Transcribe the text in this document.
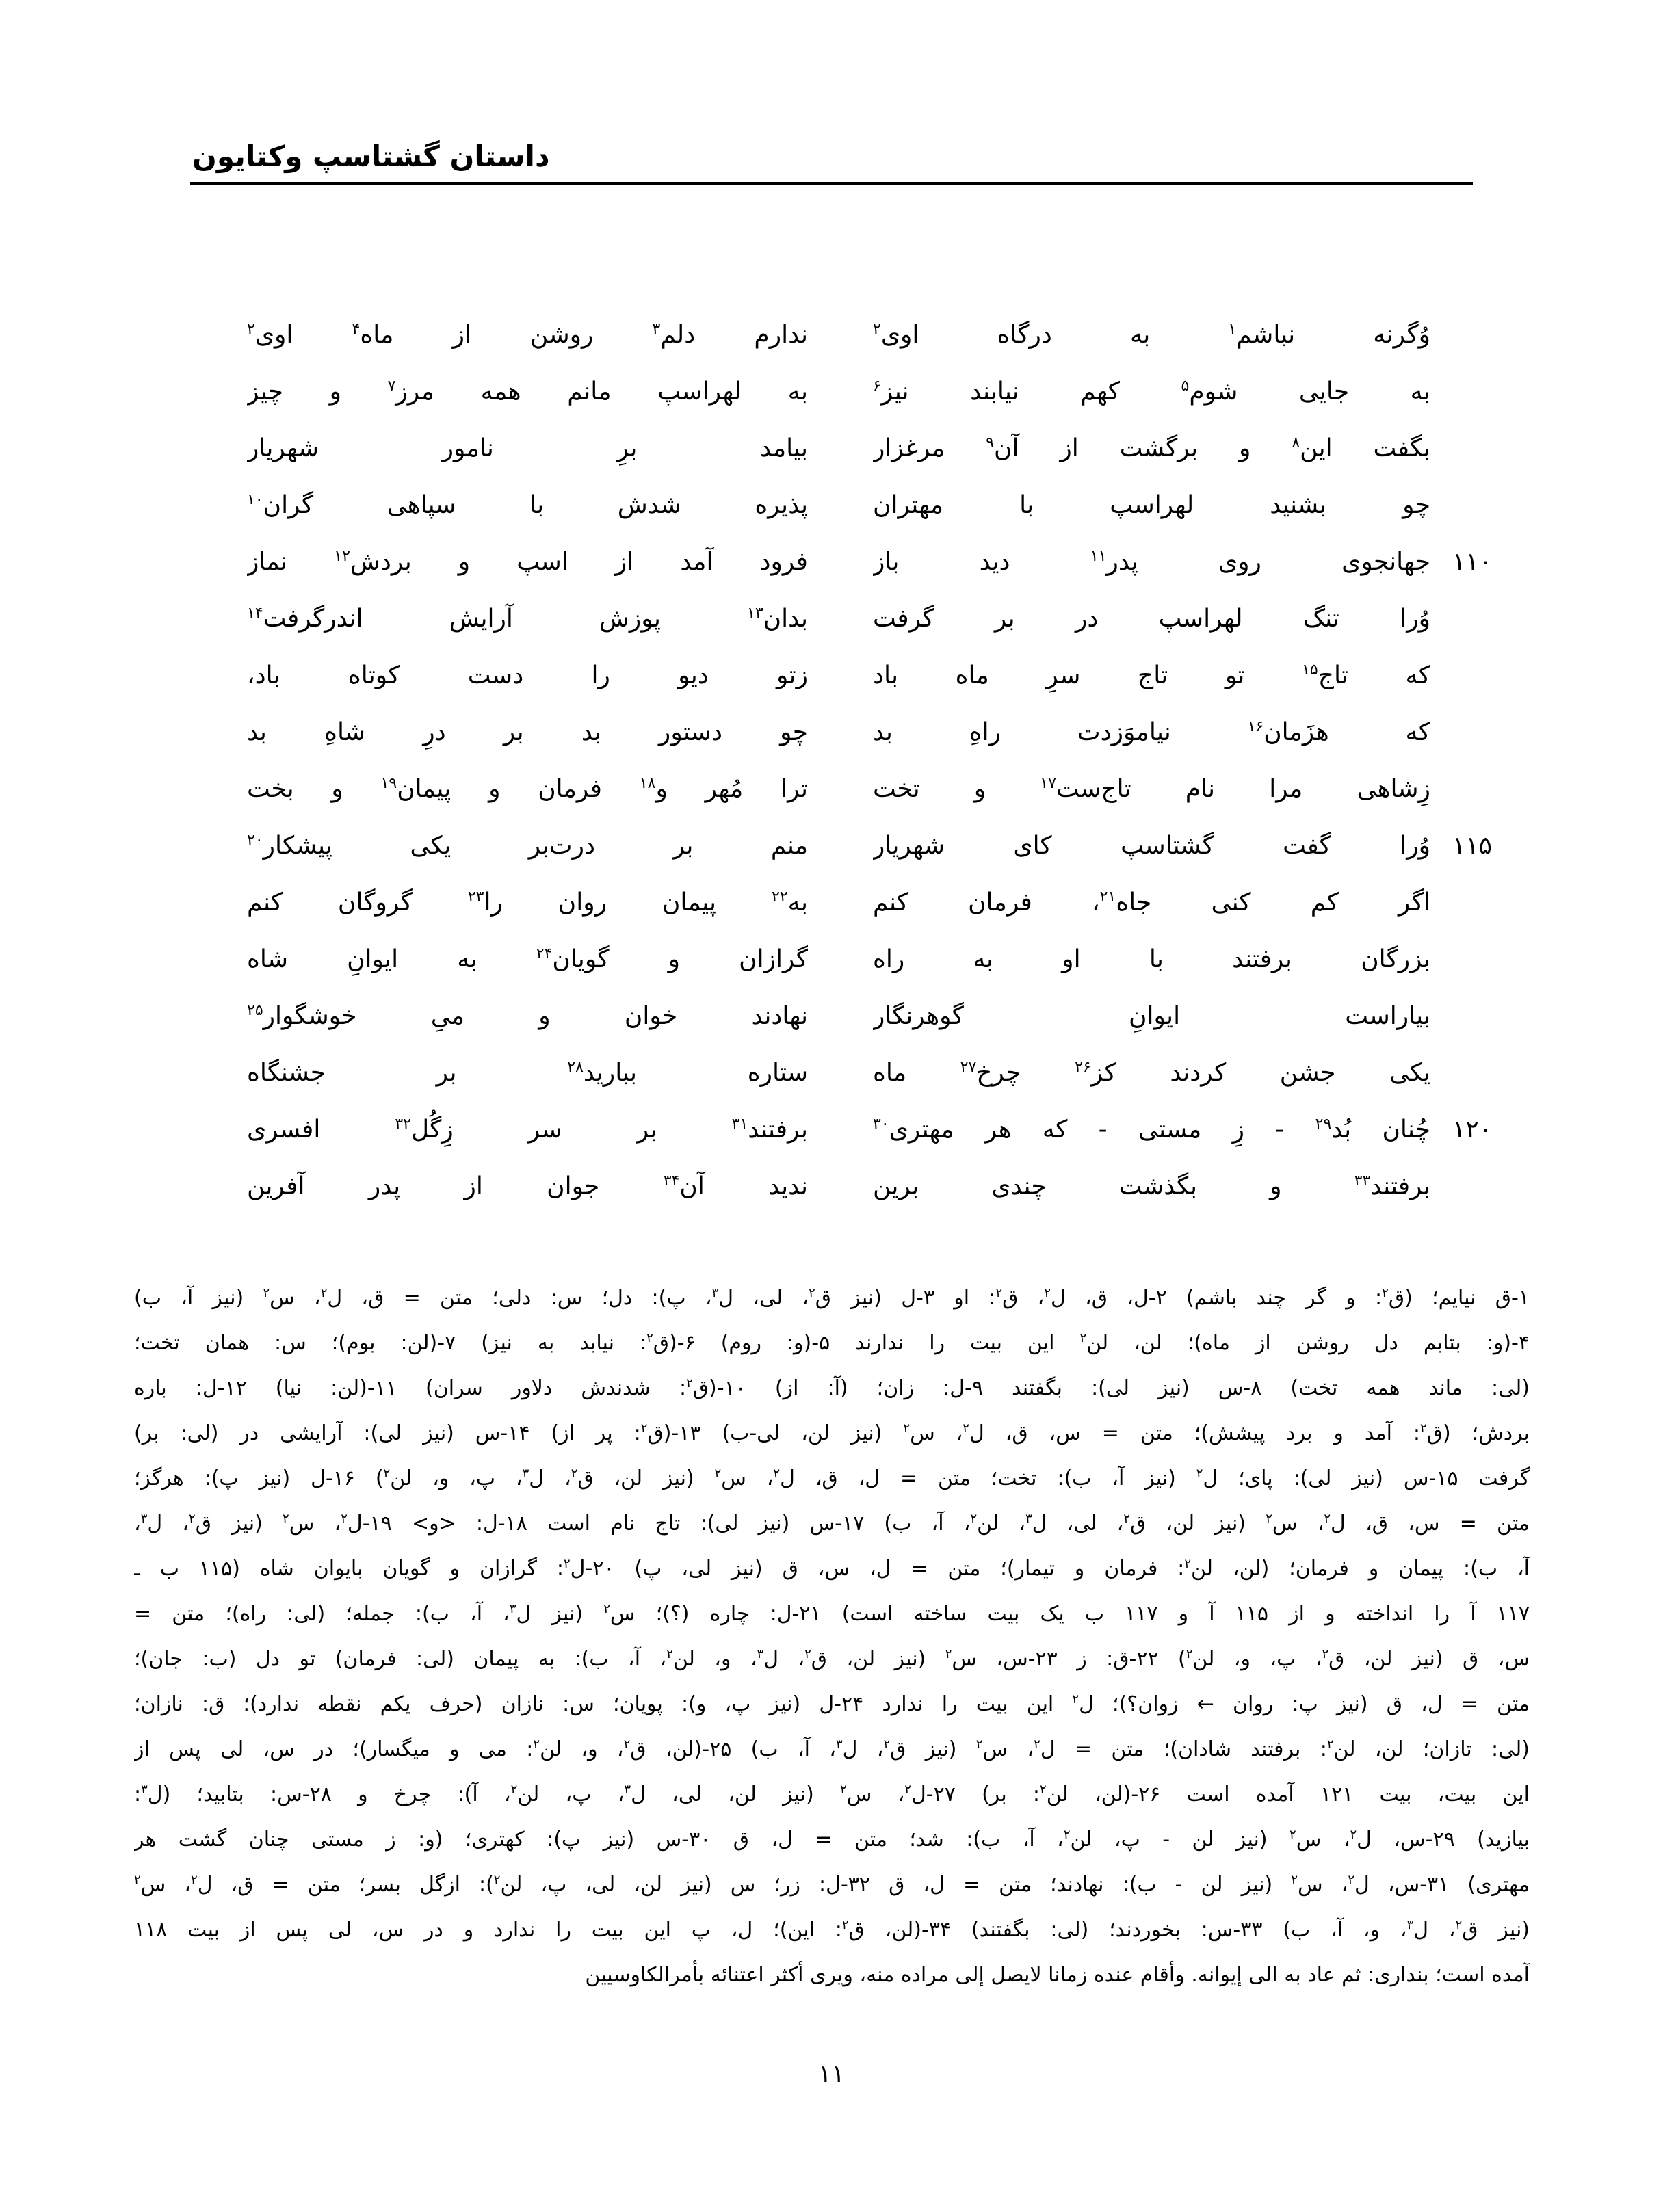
داستان گشتاسپ وکتایون
وُگرنه نباشم$^۱$ به درگاه اوی$^۲$
ندارم دلم$^۳$ روشن از ماه$^۴$ اوی$^۲$
به جایی شوم$^۵$ کهم نیابند نیز$^۶$
به لهراسپ مانم همه مرز$^۷$ و چیز
بگفت این$^۸$ و برگشت از آن$^۹$ مرغزار
بیامد برِ نامور شهریار
چو بشنید لهراسپ با مهتران
پذیره شدش با سپاهی گران$^{۱۰}$
۱۱۰
جهانجوی روی پدر$^{۱۱}$ دید باز
فرود آمد از اسپ و بردش$^{۱۲}$ نماز
وُرا تنگ لهراسپ در بر گرفت
بدان$^{۱۳}$ پوزش آرایش اندرگرفت$^{۱۴}$
که تاج$^{۱۵}$ تو تاج سرِ ماه باد
زتو دیو را دست کوتاه باد،
که هزَمان$^{۱۶}$ نیاموَزدت راهِ بد
چو دستور بد بر درِ شاهِ بد
زِشاهی مرا نام تاج‌ست$^{۱۷}$ و تخت
ترا مُهر و$^{۱۸}$ فرمان و پیمان$^{۱۹}$ و بخت
۱۱۵
وُرا گفت گشتاسپ کای شهریار
منم بر درت‌بر یکی پیشکار$^{۲۰}$
اگر کم کنی جاه$^{۲۱}$، فرمان کنم
به$^{۲۲}$ پیمان روان را$^{۲۳}$ گروگان کنم
بزرگان برفتند با او به راه
گرازان و گویان$^{۲۴}$ به ایوانِ شاه
بیاراست ایوانِ گوهرنگار
نهادند خوان و میِ خوشگوار$^{۲۵}$
یکی جشن کردند کز$^{۲۶}$ چرخ$^{۲۷}$ ماه
ستاره ببارید$^{۲۸}$ بر جشنگاه
۱۲۰
چُنان بُد$^{۲۹}$ - زِ مستی - که هر مهتری$^{۳۰}$
برفتند$^{۳۱}$ بر سر زِگُل$^{۳۲}$ افسری
برفتند$^{۳۳}$ و بگذشت چندی برین
ندید آن$^{۳۴}$ جوان از پدر آفرین
۱-ق نیایم؛ (ق$^۲$: و گر چند باشم) ۲-ل، ق، ل$^۲$، ق$^۲$: او ۳-ل (نیز ق$^۲$، لی، ل$^۳$، پ): دل؛ س: دلی؛ متن = ق، ل$^۲$، س$^۲$ (نیز آ، ب)
۴-(و: بتابم دل روشن از ماه)؛ لن، لن$^۲$ این بیت را ندارند ۵-(و: روم) ۶-(ق$^۲$: نیابد به نیز) ۷-(لن: بوم)؛ س: همان تخت؛
(لی: ماند همه تخت) ۸-س (نیز لی): بگفتند ۹-ل: زان؛ (آ: از) ۱۰-(ق$^۲$: شدندش دلاور سران) ۱۱-(لن: نیا) ۱۲-ل: باره
بردش؛ (ق$^۲$: آمد و برد پیشش)؛ متن = س، ق، ل$^۲$، س$^۲$ (نیز لن، لی-ب) ۱۳-(ق$^۲$: پر از) ۱۴-س (نیز لی): آرایشی در (لی: بر)
گرفت ۱۵-س (نیز لی): پای؛ ل$^۲$ (نیز آ، ب): تخت؛ متن = ل، ق، ل$^۲$، س$^۲$ (نیز لن، ق$^۲$، ل$^۳$، پ، و، لن$^۲$) ۱۶-ل (نیز پ): هرگز؛
متن = س، ق، ل$^۲$، س$^۲$ (نیز لن، ق$^۲$، لی، ل$^۳$، لن$^۲$، آ، ب) ۱۷-س (نیز لی): تاج نام است ۱۸-ل: <و> ۱۹-ل$^۲$، س$^۲$ (نیز ق$^۲$، ل$^۳$،
آ، ب): پیمان و فرمان؛ (لن، لن$^۲$: فرمان و تیمار)؛ متن = ل، س، ق (نیز لی، پ) ۲۰-ل$^۲$: گرازان و گویان بایوان شاه (۱۱۵ ب ـ
۱۱۷ آ را انداخته و از ۱۱۵ آ و ۱۱۷ ب یک بیت ساخته است) ۲۱-ل: چاره (؟)؛ س$^۲$ (نیز ل$^۳$، آ، ب): جمله؛ (لی: راه)؛ متن =
س، ق (نیز لن، ق$^۲$، پ، و، لن$^۲$) ۲۲-ق: ز ۲۳-س، س$^۲$ (نیز لن، ق$^۲$، ل$^۳$، و، لن$^۲$، آ، ب): به پیمان (لی: فرمان) تو دل (ب: جان)؛
متن = ل، ق (نیز پ: روان ← زوان؟)؛ ل$^۲$ این بیت را ندارد ۲۴-ل (نیز پ، و): پویان؛ س: نازان (حرف یکم نقطه ندارد)؛ ق: نازان؛
(لی: تازان؛ لن، لن$^۲$: برفتند شادان)؛ متن = ل$^۲$، س$^۲$ (نیز ق$^۲$، ل$^۳$، آ، ب) ۲۵-(لن، ق$^۲$، و، لن$^۲$: می و میگسار)؛ در س، لی پس از
این بیت، بیت ۱۲۱ آمده است ۲۶-(لن، لن$^۲$: بر) ۲۷-ل$^۲$، س$^۲$ (نیز لن، لی، ل$^۳$، پ، لن$^۲$، آ): چرخ و ۲۸-س: بتابید؛ (ل$^۳$:
بیازید) ۲۹-س، ل$^۲$، س$^۲$ (نیز لن - پ، لن$^۲$، آ، ب): شد؛ متن = ل، ق ۳۰-س (نیز پ): کهتری؛ (و: ز مستی چنان گشت هر
مهتری) ۳۱-س، ل$^۲$، س$^۲$ (نیز لن - ب): نهادند؛ متن = ل، ق ۳۲-ل: زر؛ س (نیز لن، لی، پ، لن$^۲$): ازگل بسر؛ متن = ق، ل$^۲$، س$^۲$
(نیز ق$^۲$، ل$^۳$، و، آ، ب) ۳۳-س: بخوردند؛ (لی: بگفتند) ۳۴-(لن، ق$^۲$: این)؛ ل، پ این بیت را ندارد و در س، لی پس از بیت ۱۱۸
آمده است؛ بنداری: ثم عاد به الی إیوانه. وأقام عنده زمانا لایصل إلی مراده منه، ویری أکثر اعتنائه بأمرالکاوسیین
۱۱
